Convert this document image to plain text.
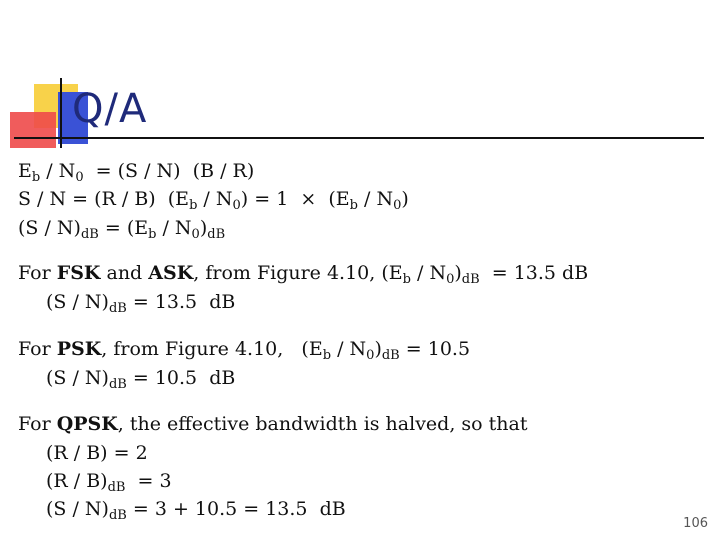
Q/A
$E_b / N_0 = (S / N)$  (B / R)
S / N = (R / B)  $(E_b / N_0) = 1 \times (E_b / N_0)$
$(S / N)_{dB} = (E_b / N_0)_{dB}$
For FSK and ASK, from Figure 4.10, $(E_b / N_0)_{dB} = 13.5$ dB
$(S / N)_{dB} = 13.5$  dB
For PSK, from Figure 4.10,   $(E_b / N_0)_{dB} = 10.5$
$(S / N)_{dB} = 10.5$  dB
For QPSK, the effective bandwidth is halved, so that
(R / B) = 2
$(R / B)_{dB} = 3$
$(S / N)_{dB} = 3 + 10.5 = 13.5$  dB
106
